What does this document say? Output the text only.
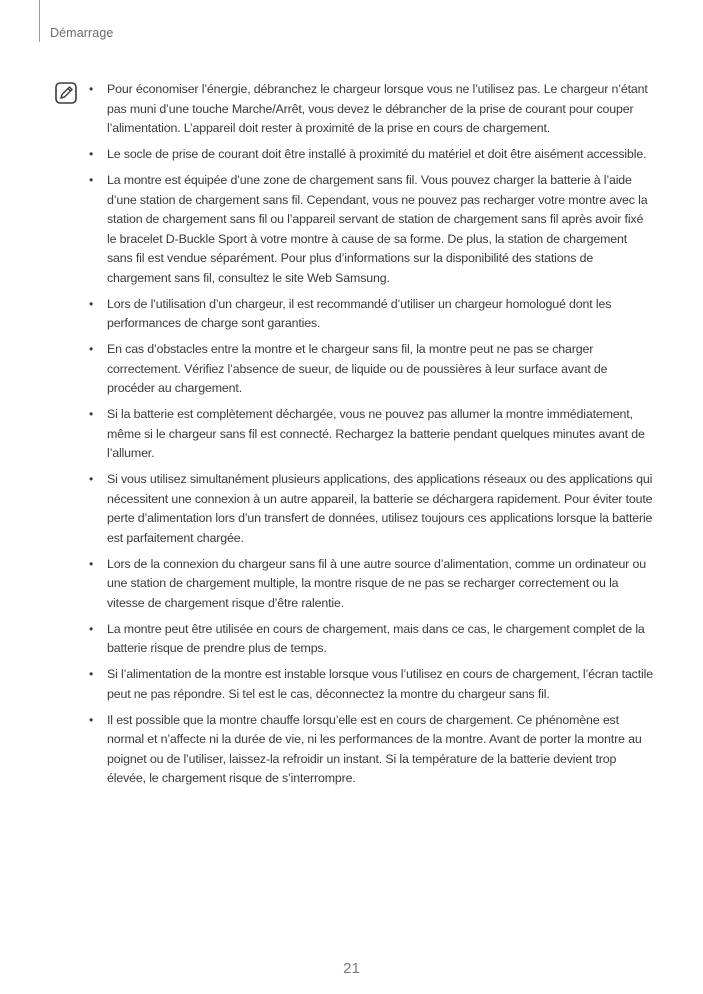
Démarrage
• Pour économiser l’énergie, débranchez le chargeur lorsque vous ne l’utilisez pas. Le chargeur n’étant pas muni d’une touche Marche/Arrêt, vous devez le débrancher de la prise de courant pour couper l’alimentation. L’appareil doit rester à proximité de la prise en cours de chargement.
• Le socle de prise de courant doit être installé à proximité du matériel et doit être aisément accessible.
• La montre est équipée d’une zone de chargement sans fil. Vous pouvez charger la batterie à l’aide d’une station de chargement sans fil. Cependant, vous ne pouvez pas recharger votre montre avec la station de chargement sans fil ou l’appareil servant de station de chargement sans fil après avoir fixé le bracelet D-Buckle Sport à votre montre à cause de sa forme. De plus, la station de chargement sans fil est vendue séparément. Pour plus d’informations sur la disponibilité des stations de chargement sans fil, consultez le site Web Samsung.
• Lors de l’utilisation d’un chargeur, il est recommandé d’utiliser un chargeur homologué dont les performances de charge sont garanties.
• En cas d’obstacles entre la montre et le chargeur sans fil, la montre peut ne pas se charger correctement. Vérifiez l’absence de sueur, de liquide ou de poussières à leur surface avant de procéder au chargement.
• Si la batterie est complètement déchargée, vous ne pouvez pas allumer la montre immédiatement, même si le chargeur sans fil est connecté. Rechargez la batterie pendant quelques minutes avant de l’allumer.
• Si vous utilisez simultanément plusieurs applications, des applications réseaux ou des applications qui nécessitent une connexion à un autre appareil, la batterie se déchargera rapidement. Pour éviter toute perte d’alimentation lors d’un transfert de données, utilisez toujours ces applications lorsque la batterie est parfaitement chargée.
• Lors de la connexion du chargeur sans fil à une autre source d’alimentation, comme un ordinateur ou une station de chargement multiple, la montre risque de ne pas se recharger correctement ou la vitesse de chargement risque d’être ralentie.
• La montre peut être utilisée en cours de chargement, mais dans ce cas, le chargement complet de la batterie risque de prendre plus de temps.
• Si l’alimentation de la montre est instable lorsque vous l’utilisez en cours de chargement, l’écran tactile peut ne pas répondre. Si tel est le cas, déconnectez la montre du chargeur sans fil.
• Il est possible que la montre chauffe lorsqu’elle est en cours de chargement. Ce phénomène est normal et n’affecte ni la durée de vie, ni les performances de la montre. Avant de porter la montre au poignet ou de l’utiliser, laissez-la refroidir un instant. Si la température de la batterie devient trop élevée, le chargement risque de s’interrompre.
21
